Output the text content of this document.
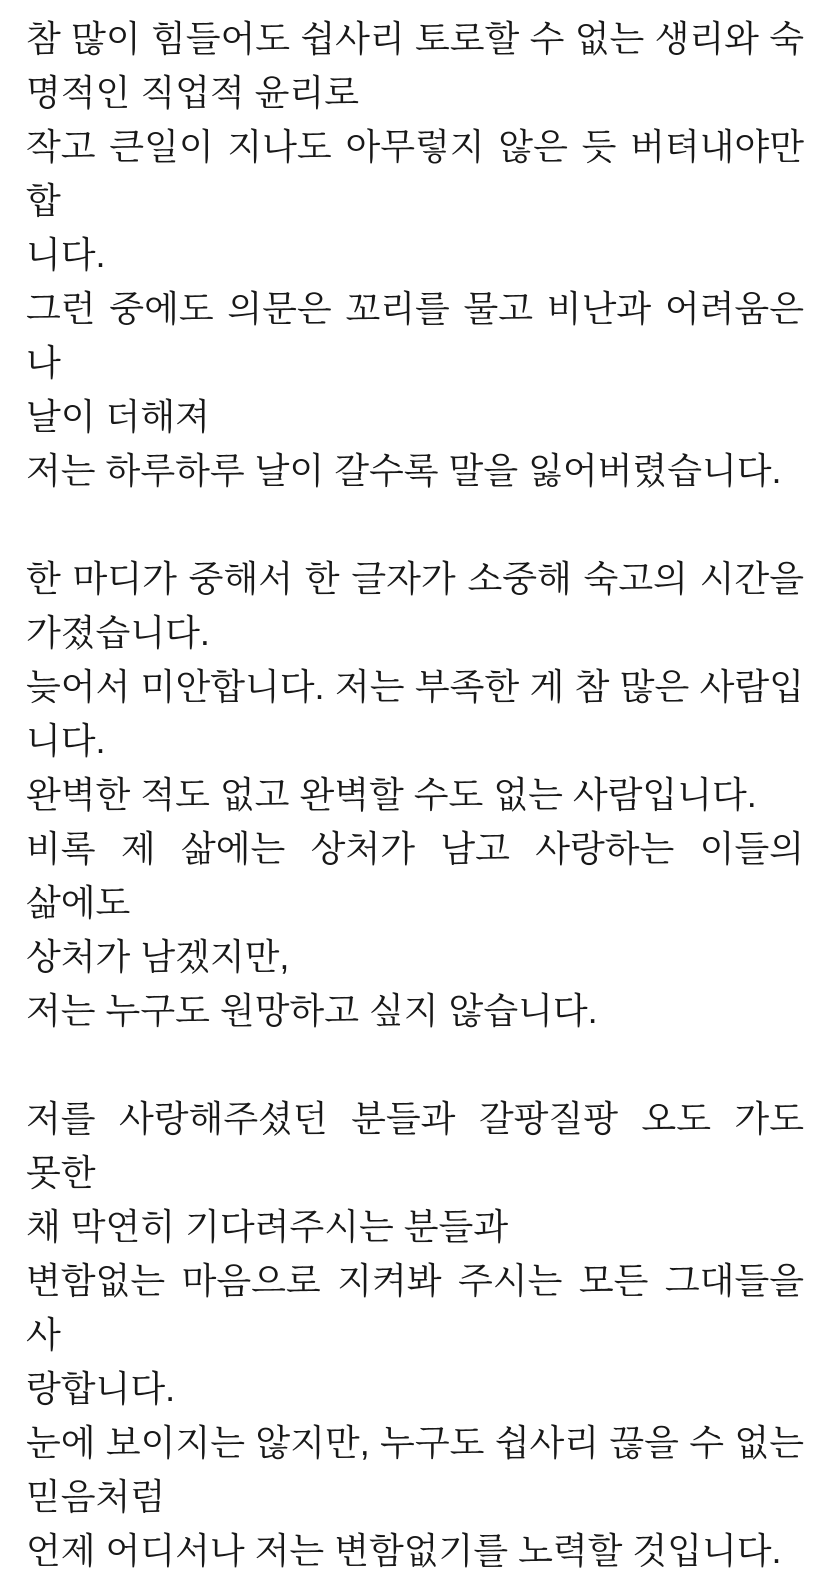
참 많이 힘들어도 쉽사리 토로할 수 없는 생리와 숙
명적인 직업적 윤리로
작고 큰일이 지나도 아무렇지 않은 듯 버텨내야만 합
니다.
그런 중에도 의문은 꼬리를 물고 비난과 어려움은 나
날이 더해져
저는 하루하루 날이 갈수록 말을 잃어버렸습니다.
한 마디가 중해서 한 글자가 소중해 숙고의 시간을
가졌습니다.
늦어서 미안합니다. 저는 부족한 게 참 많은 사람입
니다.
완벽한 적도 없고 완벽할 수도 없는 사람입니다.
비록 제 삶에는 상처가 남고 사랑하는 이들의 삶에도
상처가 남겠지만,
저는 누구도 원망하고 싶지 않습니다.
저를 사랑해주셨던 분들과 갈팡질팡 오도 가도 못한
채 막연히 기다려주시는 분들과
변함없는 마음으로 지켜봐 주시는 모든 그대들을 사
랑합니다.
눈에 보이지는 않지만, 누구도 쉽사리 끊을 수 없는
믿음처럼
언제 어디서나 저는 변함없기를 노력할 것입니다.
